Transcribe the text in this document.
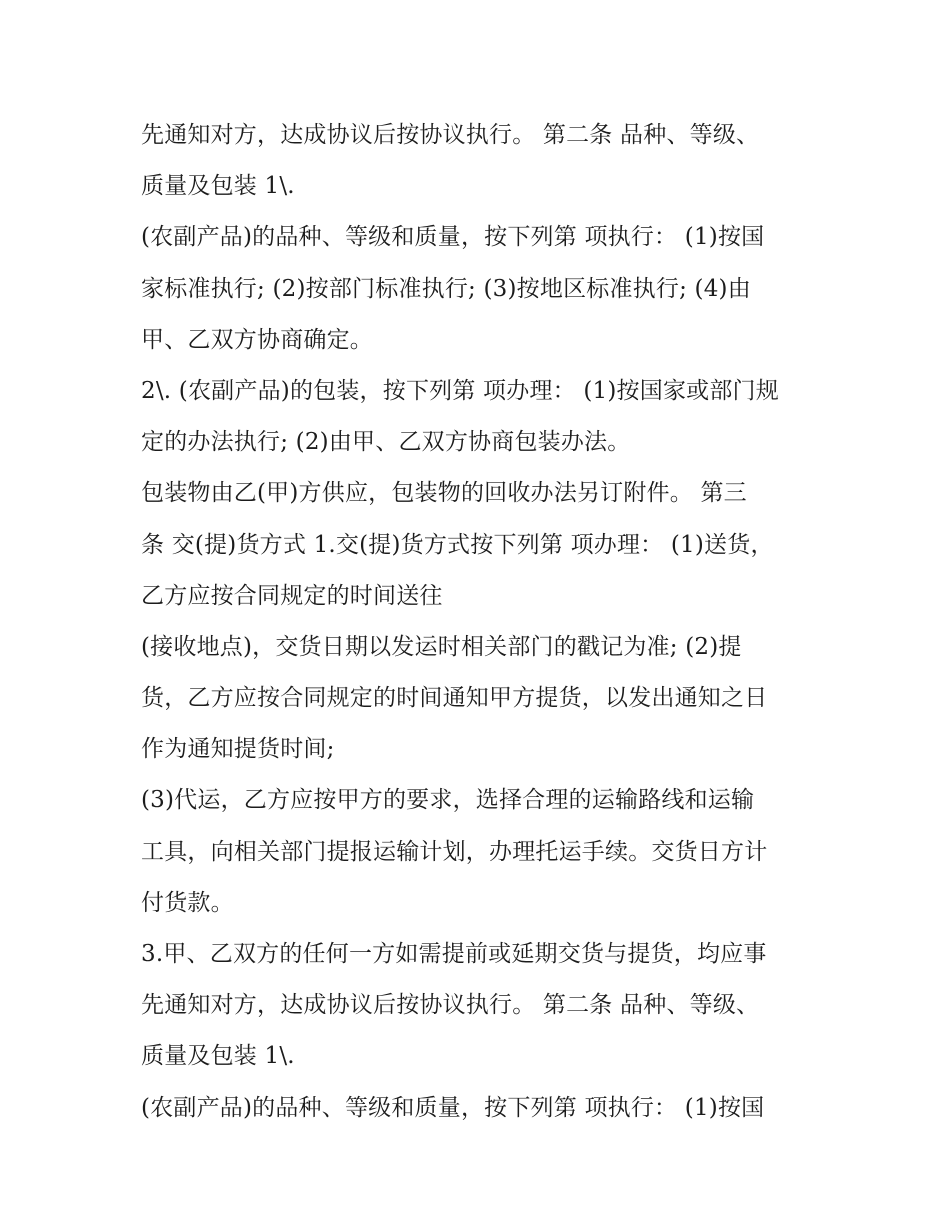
先通知对方，达成协议后按协议执行。 第二条 品种、等级、
质量及包装 1\.
(农副产品)的品种、等级和质量，按下列第 项执行： (1)按国
家标准执行; (2)按部门标准执行; (3)按地区标准执行; (4)由
甲、乙双方协商确定。
2\. (农副产品)的包装，按下列第 项办理： (1)按国家或部门规
定的办法执行; (2)由甲、乙双方协商包装办法。
包装物由乙(甲)方供应，包装物的回收办法另订附件。 第三
条 交(提)货方式 1.交(提)货方式按下列第 项办理： (1)送货，
乙方应按合同规定的时间送往
(接收地点)，交货日期以发运时相关部门的戳记为准; (2)提
货，乙方应按合同规定的时间通知甲方提货，以发出通知之日
作为通知提货时间;
(3)代运，乙方应按甲方的要求，选择合理的运输路线和运输
工具，向相关部门提报运输计划，办理托运手续。交货日方计
付货款。
3.甲、乙双方的任何一方如需提前或延期交货与提货，均应事
先通知对方，达成协议后按协议执行。 第二条 品种、等级、
质量及包装 1\.
(农副产品)的品种、等级和质量，按下列第 项执行： (1)按国
